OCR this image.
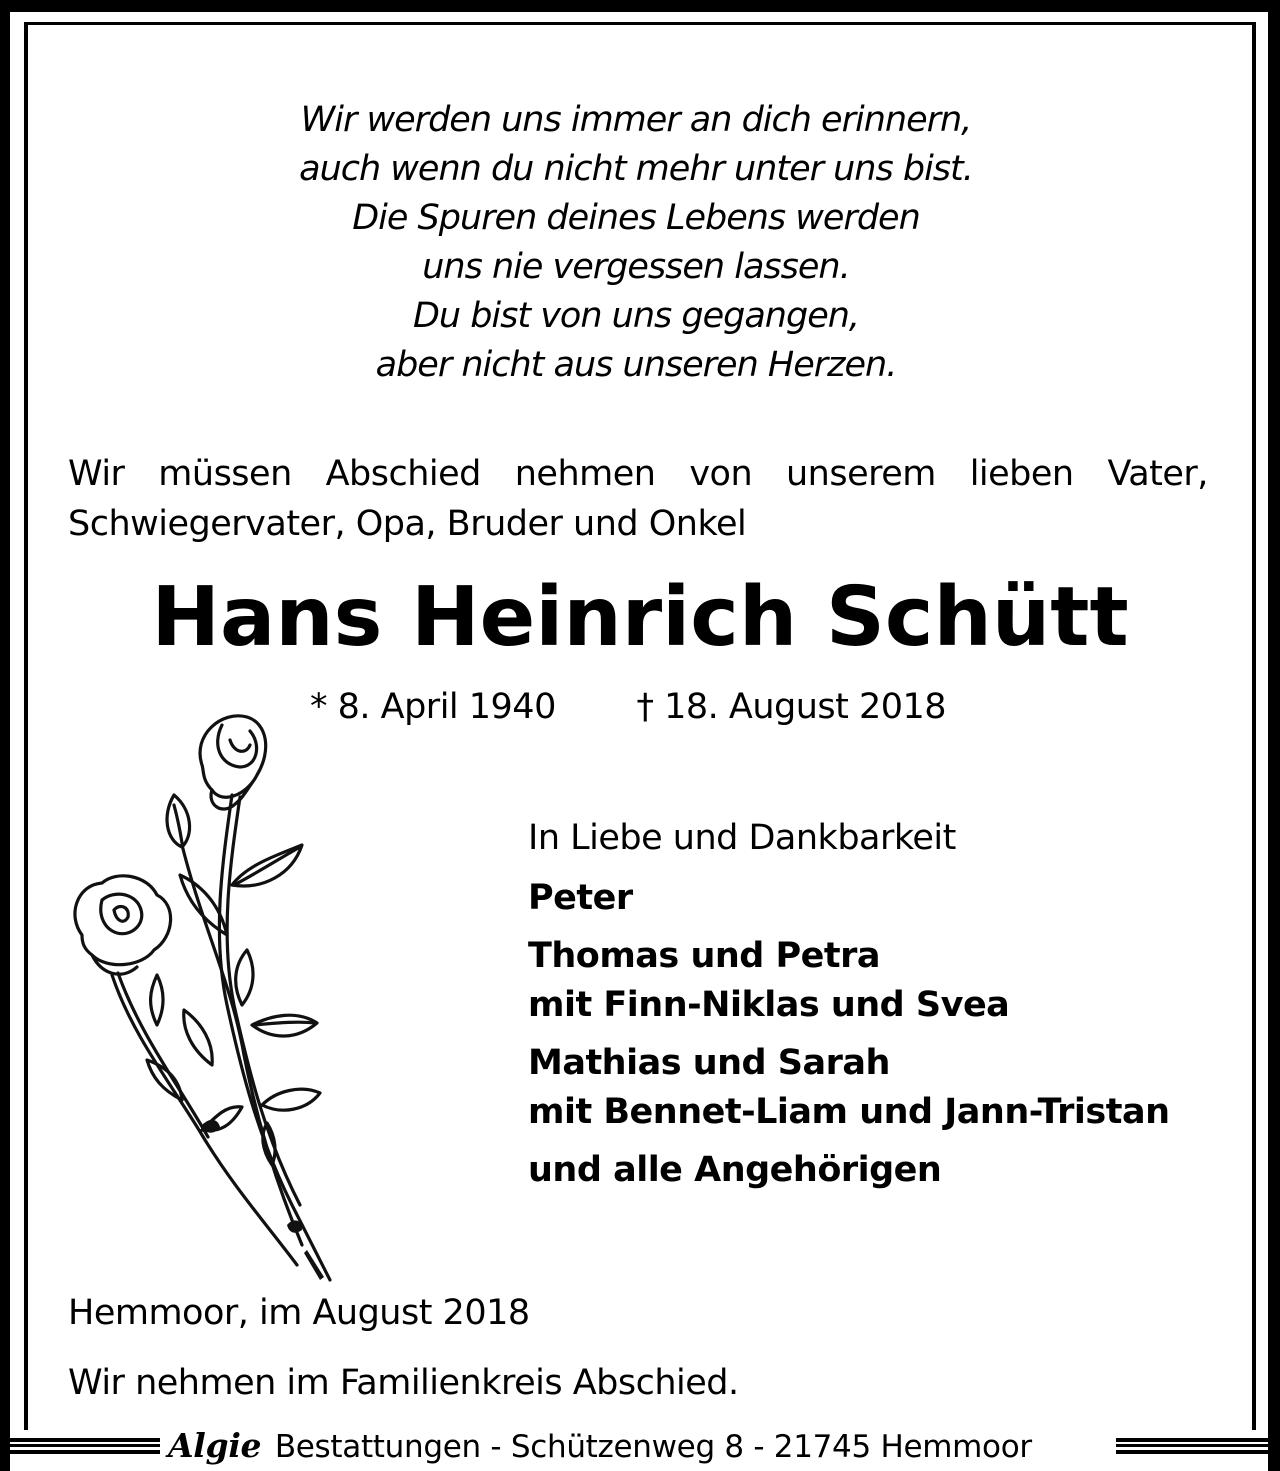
Wir werden uns immer an dich erinnern,
auch wenn du nicht mehr unter uns bist.
Die Spuren deines Lebens werden
uns nie vergessen lassen.
Du bist von uns gegangen,
aber nicht aus unseren Herzen.
Wir müssen Abschied nehmen von unserem lieben Vater,
Schwiegervater, Opa, Bruder und Onkel
Hans Heinrich Schütt
* 8. April 1940 † 18. August 2018
In Liebe und Dankbarkeit
Peter
Thomas und Petra
mit Finn-Niklas und Svea
Mathias und Sarah
mit Bennet-Liam und Jann-Tristan
und alle Angehörigen
Hemmoor, im August 2018
Wir nehmen im Familienkreis Abschied.
Algie Bestattungen - Schützenweg 8 - 21745 Hemmoor
